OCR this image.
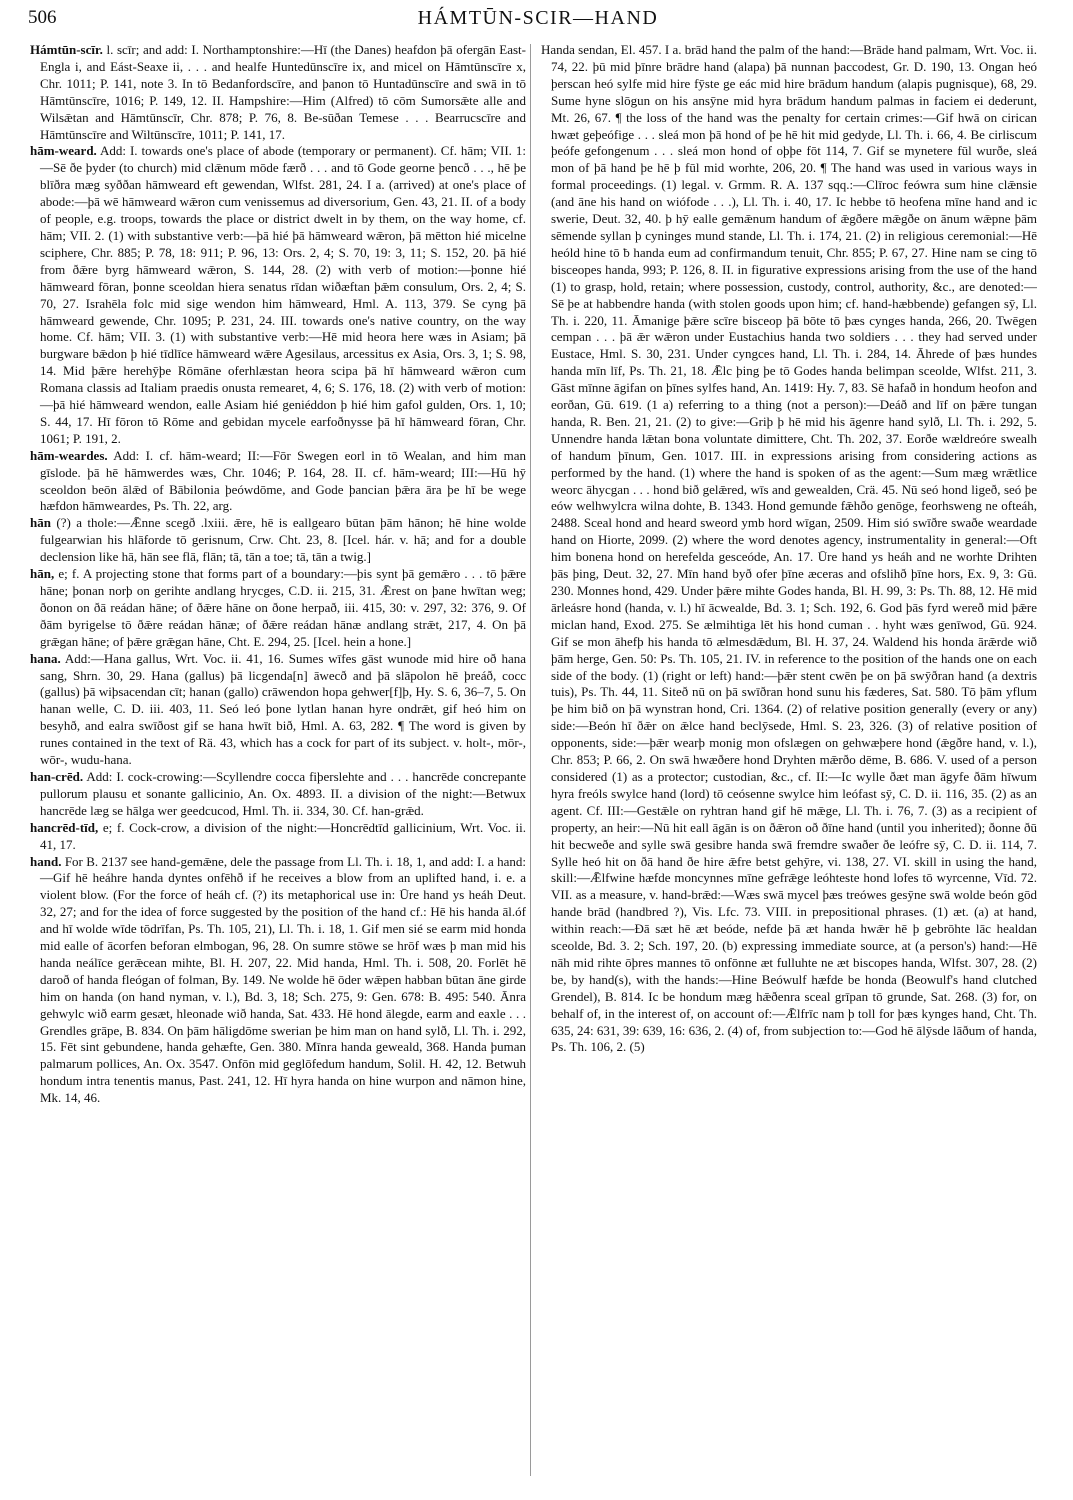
506	HÁMTŪN-SCIR—HAND

Hámtūn-scīr. l. scīr; and add: I. Northamptonshire:—Hī (the Danes) heafdon þā ofergān East-Engla i, and Eást-Seaxe ii, . . . and healfe Huntedūnscīre ix, and micel on Hāmtūnscīre x, Chr. 1011; P. 141, note 3. In tō Bedanfordscīre, and þanon tō Huntadūnscīre and swā in tō Hāmtūnscīre, 1016; P. 149, 12. II. Hampshire:—Him (Alfred) tō cōm Sumorsǣte alle and Wilsǣtan and Hāmtūnscīr, Chr. 878; P. 76, 8. Be-sūðan Temese . . . Bearrucscīre and Hāmtūnscīre and Wiltūnscīre, 1011; P. 141, 17.

hām-weard. Add: I. towards one's place of abode (temporary or permanent). Cf. hām; VII. 1:—Sē ðe þyder (to church) mid clǣnum mōde færð . . . and tō Gode georne þencð . . ., hē þe blīðra mæg syððan hāmweard eft gewendan, Wlfst. 281, 24. I a. (arrived) at one's place of abode:—þā wē hāmweard wǣron cum venissemus ad diversorium, Gen. 43, 21. II. of a body of people, e.g. troops, towards the place or district dwelt in by them, on the way home, cf. hām; VII. 2. (1) with substantive verb:—þā hié þā hāmweard wǣron, þā mētton hié micelne sciphere, Chr. 885; P. 78, 18: 911; P. 96, 13: Ors. 2, 4; S. 70, 19: 3, 11; S. 152, 20. þā hié from ðǣre byrg hāmweard wǣron, S. 144, 28. (2) with verb of motion:—þonne hié hāmweard fōran, þonne sceoldan hiera senatus rīdan wiðæftan þǣm consulum, Ors. 2, 4; S. 70, 27. Israhēla folc mid sige wendon him hāmweard, Hml. A. 113, 379. Se cyng þā hāmweard gewende, Chr. 1095; P. 231, 24. III. towards one's native country, on the way home. Cf. hām; VII. 3. (1) with substantive verb:—Hē mid heora here wæs in Asiam; þā burgware bǣdon þ hié tīdlīce hāmweard wǣre Agesilaus, arcessitus ex Asia, Ors. 3, 1; S. 98, 14. Mid þǣre herehȳþe Rōmāne oferhlæstan heora scipa þā hī hāmweard wǣron cum Romana classis ad Italiam praedis onusta remearet, 4, 6; S. 176, 18. (2) with verb of motion:—þā hié hāmweard wendon, ealle Asiam hié geniéddon þ hié him gafol gulden, Ors. 1, 10; S. 44, 17. Hī fōron tō Rōme and gebidan mycele earfoðnysse þā hī hāmweard fōran, Chr. 1061; P. 191, 2.

hām-weardes. Add: I. cf. hām-weard; II:—Fōr Swegen eorl in tō Wealan, and him man gīslode. þā hē hāmwerdes wæs, Chr. 1046; P. 164, 28. II. cf. hām-weard; III:—Hū hȳ sceoldon beōn ālǣd of Bābilonia þeówdōme, and Gode þancian þǣra āra þe hī be wege hæfdon hāmweardes, Ps. Th. 22, arg.

hān (?) a thole:—Ǣnne scegð .lxiii. ǣre, hē is eallgearo būtan þām hānon; hē hine wolde fulgearwian his hlāforde tō gerisnum, Crw. Cht. 23, 8. [Icel. hár. v. hā; and for a double declension like hā, hān see flā, flān; tā, tān a toe; tā, tān a twig.]

hān, e; f. A projecting stone that forms part of a boundary:—þis synt þā gemǣro . . . tō þǣre hāne; þonan norþ on gerihte andlang hrycges, C.D. ii. 215, 31. Ǣrest on þane hwītan weg; ðonon on ðā reádan hāne; of ðǣre hāne on ðone herpað, iii. 415, 30: v. 297, 32: 376, 9. Of ðām byrigelse tō ðǣre reádan hānæ; of ðǣre reádan hānæ andlang strǣt, 217, 4. On þā grǣgan hāne; of þǣre grǣgan hāne, Cht. E. 294, 25. [Icel. hein a hone.]

hana. Add:—Hana gallus, Wrt. Voc. ii. 41, 16. Sumes wīfes gāst wunode mid hire oð hana sang, Shrn. 30, 29. Hana (gallus) þā licgenda[n] āwecð and þā slāpolon hē þreáð, cocc (gallus) þā wiþsacendan cīt; hanan (gallo) crāwendon hopa gehwer[f]þ, Hy. S. 6, 36–7, 5. On hanan welle, C. D. iii. 403, 11. Seó leó þone lytlan hanan hyre ondrǣt, gif heó him on besyhð, and ealra swīðost gif se hana hwīt bið, Hml. A. 63, 282. ¶ The word is given by runes contained in the text of Rä. 43, which has a cock for part of its subject. v. holt-, mōr-, wōr-, wudu-hana.

han-crēd. Add: I. cock-crowing:—Scyllendre cocca fiþerslehte and . . . hancrēde concrepante pullorum plausu et sonante gallicinio, An. Ox. 4893. II. a division of the night:—Betwux hancrēde læg se hālga wer geedcucod, Hml. Th. ii. 334, 30. Cf. han-grǣd.

hancrēd-tīd, e; f. Cock-crow, a division of the night:—Honcrēdtīd gallicinium, Wrt. Voc. ii. 41, 17.

hand. For B. 2137 see hand-gemǣne, dele the passage from Ll. Th. i. 18, 1, and add: I. a hand:—Gif hē heáhre handa dyntes onfēhð if he receives a blow from an uplifted hand, i. e. a violent blow. (For the force of heáh cf. (?) its metaphorical use in: Ūre hand ys heáh Deut. 32, 27; and for the idea of force suggested by the position of the hand cf.: Hē his handa āl.óf and hī wolde wīde tōdrīfan, Ps. Th. 105, 21), Ll. Th. i. 18, 1. Gif men sié se earm mid honda mid ealle of ācorfen beforan elmbogan, 96, 28. On sumre stōwe se hrōf wæs þ man mid his handa neálīce gerǣcean mihte, Bl. H. 207, 22. Mid handa, Hml. Th. i. 508, 20. Forlēt hē daroð of handa fleógan of folman, By. 149. Ne wolde hē ōder wǣpen habban būtan āne girde him on handa (on hand nyman, v. l.), Bd. 3, 18; Sch. 275, 9: Gen. 678: B. 495: 540. Ānra gehwylc wið earm gesæt, hleonade wið handa, Sat. 433. Hē hond ālegde, earm and eaxle . . . Grendles grāpe, B. 834. On þām hāligdōme swerian þe him man on hand sylð, Ll. Th. i. 292, 15. Fēt sint gebundene, handa gehæfte, Gen. 380. Mīnra handa geweald, 368. Handa þuman palmarum pollices, An. Ox. 3547. Onfōn mid geglōfedum handum, Solil. H. 42, 12. Betwuh hondum intra tenentis manus, Past. 241, 12. Hī hyra handa on hine wurpon and nāmon hine, Mk. 14, 46.

Handa sendan, El. 457. I a. brād hand the palm of the hand:—Brāde hand palmam, Wrt. Voc. ii. 74, 22. þū mid þīnre brādre hand (alapa) þā nunnan þaccodest, Gr. D. 190, 13. Ongan heó þerscan heó sylfe mid hire fȳste ge eác mid hire brādum handum (alapis pugnisque), 68, 29. Sume hyne slōgun on his ansȳne mid hyra brādum handum palmas in faciem ei dederunt, Mt. 26, 67. ¶ the loss of the hand was the penalty for certain crimes:—Gif hwā on cirican hwæt geþeófige . . . sleá mon þā hond of þe hē hit mid gedyde, Ll. Th. i. 66, 4. Be cirliscum þeófe gefongenum . . . sleá mon hond of oþþe fōt 114, 7. Gif se mynetere fūl wurðe, sleá mon of þā hand þe hē þ fūl mid worhte, 206, 20. ¶ The hand was used in various ways in formal proceedings. (1) legal. v. Grmm. R. A. 137 sqq.:—Clīroc feówra sum hine clǣnsie (and āne his hand on wiófode . . .), Ll. Th. i. 40, 17. Ic hebbe tō heofena mīne hand and ic swerie, Deut. 32, 40. þ hȳ ealle gemǣnum handum of ǣgðere mǣgðe on ānum wǣpne þām sēmende syllan þ cyninges mund stande, Ll. Th. i. 174, 21. (2) in religious ceremonial:—Hē heóld hine tō ƀ handa eum ad confirmandum tenuit, Chr. 855; P. 67, 27. Hine nam se cing tō bisceopes handa, 993; P. 126, 8. II. in figurative expressions arising from the use of the hand (1) to grasp, hold, retain; where possession, custody, control, authority, &c., are denoted:—Sē þe at habbendre handa (with stolen goods upon him; cf. hand-hæbbende) gefangen sȳ, Ll. Th. i. 220, 11. Āmanige þǣre scīre bisceop þā bōte tō þæs cynges handa, 266, 20. Twēgen cempan . . . þā ǣr wǣron under Eustachius handa two soldiers . . . they had served under Eustace, Hml. S. 30, 231. Under cyngces hand, Ll. Th. i. 284, 14. Āhrede of þæs hundes handa mīn līf, Ps. Th. 21, 18. Ǣlc þing þe tō Godes handa belimpan sceolde, Wlfst. 211, 3. Gāst mīnne āgifan on þīnes sylfes hand, An. 1419: Hy. 7, 83. Sē hafað in hondum heofon and eorðan, Gū. 619. (1 a) referring to a thing (not a person):—Deáð and līf on þǣre tungan handa, R. Ben. 21, 21. (2) to give:—Griþ þ hē mid his āgenre hand sylð, Ll. Th. i. 292, 5. Unnendre handa lǣtan bona voluntate dimittere, Cht. Th. 202, 37. Eorðe wældreóre swealh of handum þīnum, Gen. 1017. III. in expressions arising from considering actions as performed by the hand. (1) where the hand is spoken of as the agent:—Sum mæg wrǣtlice weorc āhycgan . . . hond bið gelǣred, wīs and gewealden, Crä. 45. Nū seó hond ligeð, seó þe eów welhwylcra wilna dohte, B. 1343. Hond gemunde fǣhðo genōge, feorhsweng ne ofteáh, 2488. Sceal hond and heard sweord ymb hord wīgan, 2509. Him sió swīðre swaðe weardade hand on Hiorte, 2099. (2) where the word denotes agency, instrumentality in general:—Oft him bonena hond on herefelda gesceóde, An. 17. Ūre hand ys heáh and ne worhte Drihten þās þing, Deut. 32, 27. Mīn hand byð ofer þīne æceras and ofslihð þīne hors, Ex. 9, 3: Gū. 230. Monnes hond, 429. Under þǣre mihte Godes handa, Bl. H. 99, 3: Ps. Th. 88, 12. Hē mid ārleásre hond (handa, v. l.) hī ācwealde, Bd. 3. 1; Sch. 192, 6. God þās fyrd wereð mid þǣre miclan hand, Exod. 275. Se ælmihtiga lēt his hond cuman . . hyht wæs genīwod, Gū. 924. Gif se mon āhefþ his handa tō ælmesdǣdum, Bl. H. 37, 24. Waldend his honda ārǣrde wið þām herge, Gen. 50: Ps. Th. 105, 21. IV. in reference to the position of the hands one on each side of the body. (1) (right or left) hand:—þǣr stent cwēn þe on þā swȳðran hand (a dextris tuis), Ps. Th. 44, 11. Siteð nū on þā swīðran hond sunu his fæderes, Sat. 580. Tō þām yflum þe him bið on þā wynstran hond, Cri. 1364. (2) of relative position generally (every or any) side:—Beón hī ðǣr on ǣlce hand beclȳsede, Hml. S. 23, 326. (3) of relative position of opponents, side:—þǣr wearþ monig mon ofslægen on gehwæþere hond (ǣgðre hand, v. l.), Chr. 853; P. 66, 2. On swā hwæðere hond Dryhten mǣrðo dēme, B. 686. V. used of a person considered (1) as a protector; custodian, &c., cf. II:—Ic wylle ðæt man āgyfe ðām hīwum hyra freóls swylce hand (lord) tō ceósenne swylce him leófast sȳ, C. D. ii. 116, 35. (2) as an agent. Cf. III:—Gestǣle on ryhtran hand gif hē mǣge, Ll. Th. i. 76, 7. (3) as a recipient of property, an heir:—Nū hit eall āgān is on ðǣron oð ðīne hand (until you inherited); ðonne ðū hit becweðe and sylle swā gesibre handa swā fremdre swaðer ðe leófre sȳ, C. D. ii. 114, 7. Sylle heó hit on ðā hand ðe hire ǣfre betst gehȳre, vi. 138, 27. VI. skill in using the hand, skill:—Ǣlfwine hæfde moncynnes mīne gefrǣge leóhteste hond lofes tō wyrcenne, Vīd. 72. VII. as a measure, v. hand-brǣd:—Wæs swā mycel þæs treówes gesȳne swā wolde beón gōd hande brād (handbred ?), Vis. Lfc. 73. VIII. in prepositional phrases. (1) æt. (a) at hand, within reach:—Ðā sæt hē æt beóde, nefde þā æt handa hwǣr hē þ gebrōhte lāc healdan sceolde, Bd. 3. 2; Sch. 197, 20. (b) expressing immediate source, at (a person's) hand:—Hē nāh mid rihte ōþres mannes tō onfōnne æt fulluhte ne æt biscopes handa, Wlfst. 307, 28. (2) be, by hand(s), with the hands:—Hine Beówulf hæfde be honda (Beowulf's hand clutched Grendel), B. 814. Ic be hondum mæg hǣðenra sceal grīpan tō grunde, Sat. 268. (3) for, on behalf of, in the interest of, on account of:—Ǣlfrīc nam þ toll for þæs kynges hand, Cht. Th. 635, 24: 631, 39: 639, 16: 636, 2. (4) of, from subjection to:—God hē ālȳsde lāðum of handa, Ps. Th. 106, 2. (5)
